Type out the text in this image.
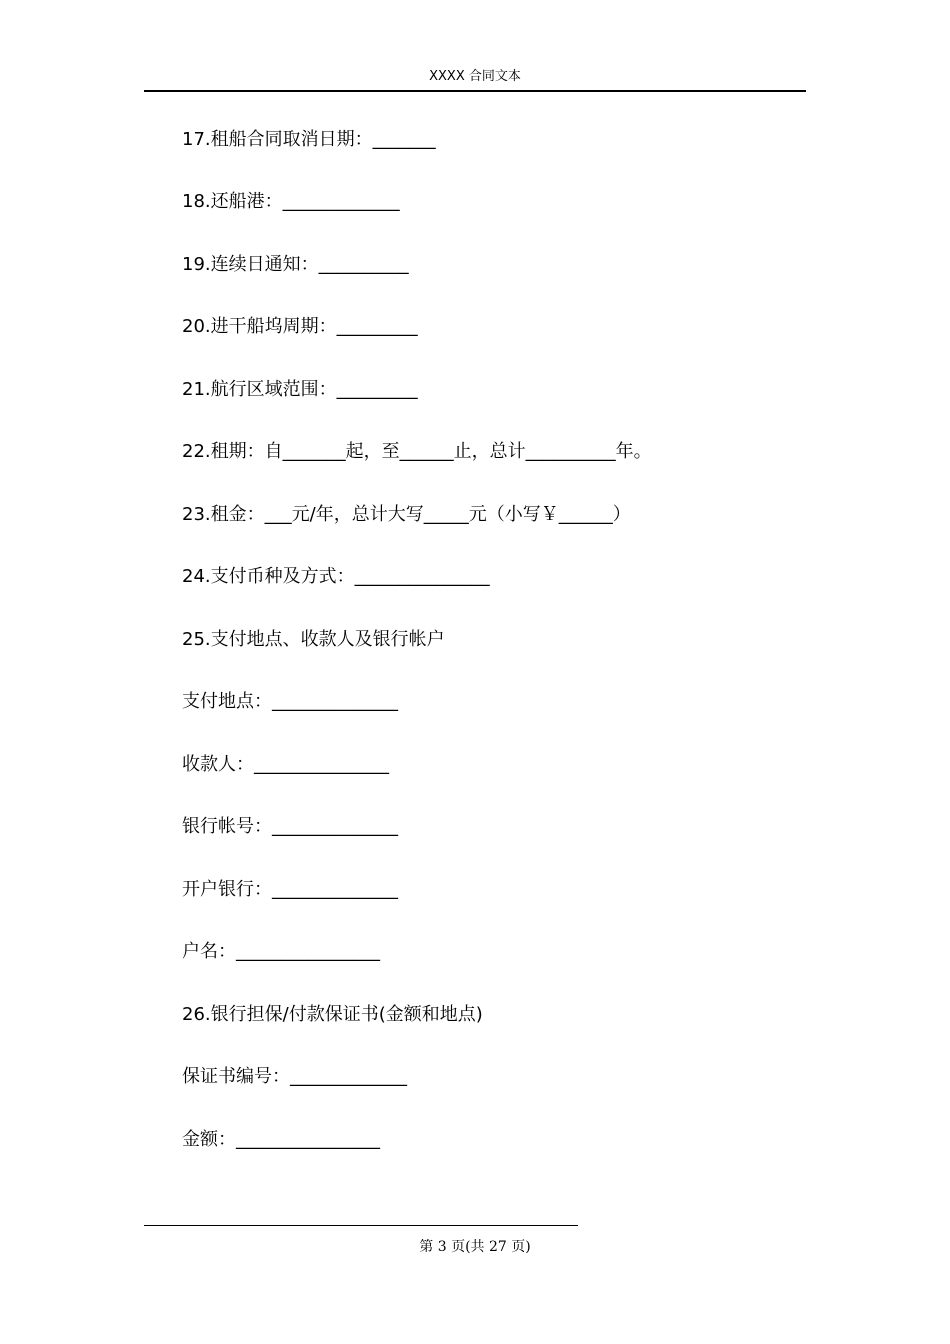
XXXX 合同文本
17.租船合同取消日期：_______
18.还船港：_____________
19.连续日通知：__________
20.进干船坞周期：_________
21.航行区域范围：_________
22.租期：自_______起，至______止，总计__________年。
23.租金：___元/年，总计大写_____元（小写￥______）
24.支付币种及方式：_______________
25.支付地点、收款人及银行帐户
支付地点：______________
收款人：_______________
银行帐号：______________
开户银行：______________
户名：________________
26.银行担保/付款保证书(金额和地点)
保证书编号：_____________
金额：________________
第 3 页(共 27 页)
